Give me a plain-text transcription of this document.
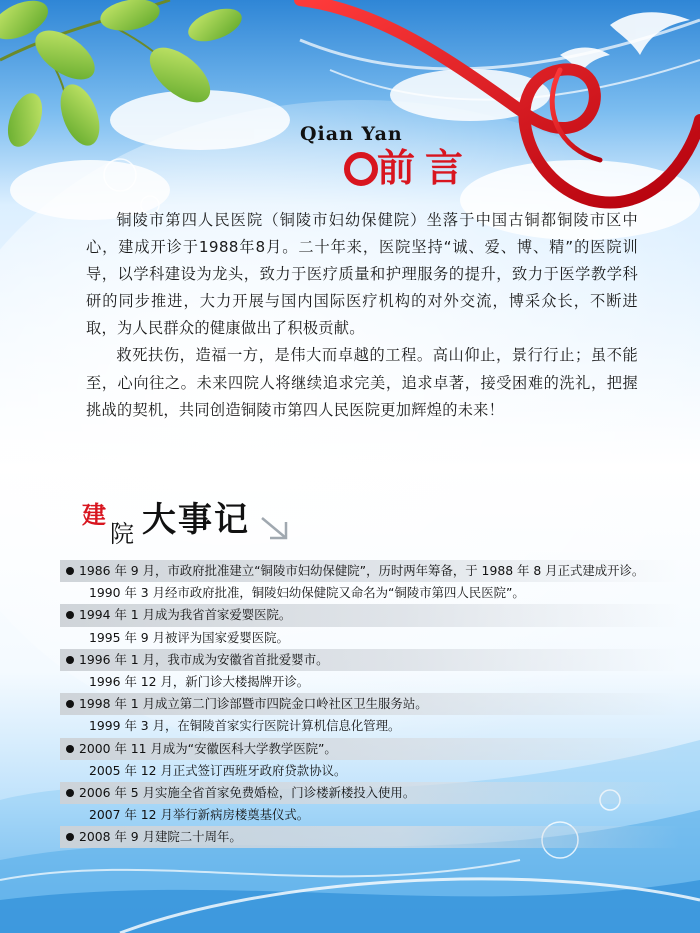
Qian Yan
前言

铜陵市第四人民医院（铜陵市妇幼保健院）坐落于中国古铜都铜陵市区中心，建成开诊于1988年8月。二十年来，医院坚持“诚、爱、博、精”的医院训导，以学科建设为龙头，致力于医疗质量和护理服务的提升，致力于医学教学科研的同步推进，大力开展与国内国际医疗机构的对外交流，博采众长，不断进取，为人民群众的健康做出了积极贡献。

救死扶伤，造福一方，是伟大而卓越的工程。高山仰止，景行行止；虽不能至，心向往之。未来四院人将继续追求完美，追求卓著，接受困难的洗礼，把握挑战的契机，共同创造铜陵市第四人民医院更加辉煌的未来！

建
院 大事记
1986 年 9 月，市政府批准建立“铜陵市妇幼保健院”，历时两年筹备，于 1988 年 8 月正式建成开诊。
1990 年 3 月经市政府批准，铜陵妇幼保健院又命名为“铜陵市第四人民医院”。
1994 年 1 月成为我省首家爱婴医院。
1995 年 9 月被评为国家爱婴医院。
1996 年 1 月，我市成为安徽省首批爱婴市。
1996 年 12 月，新门诊大楼揭牌开诊。
1998 年 1 月成立第二门诊部暨市四院金口岭社区卫生服务站。
1999 年 3 月，在铜陵首家实行医院计算机信息化管理。
2000 年 11 月成为“安徽医科大学教学医院”。
2005 年 12 月正式签订西班牙政府贷款协议。
2006 年 5 月实施全省首家免费婚检，门诊楼新楼投入使用。
2007 年 12 月举行新病房楼奠基仪式。
2008 年 9 月建院二十周年。
